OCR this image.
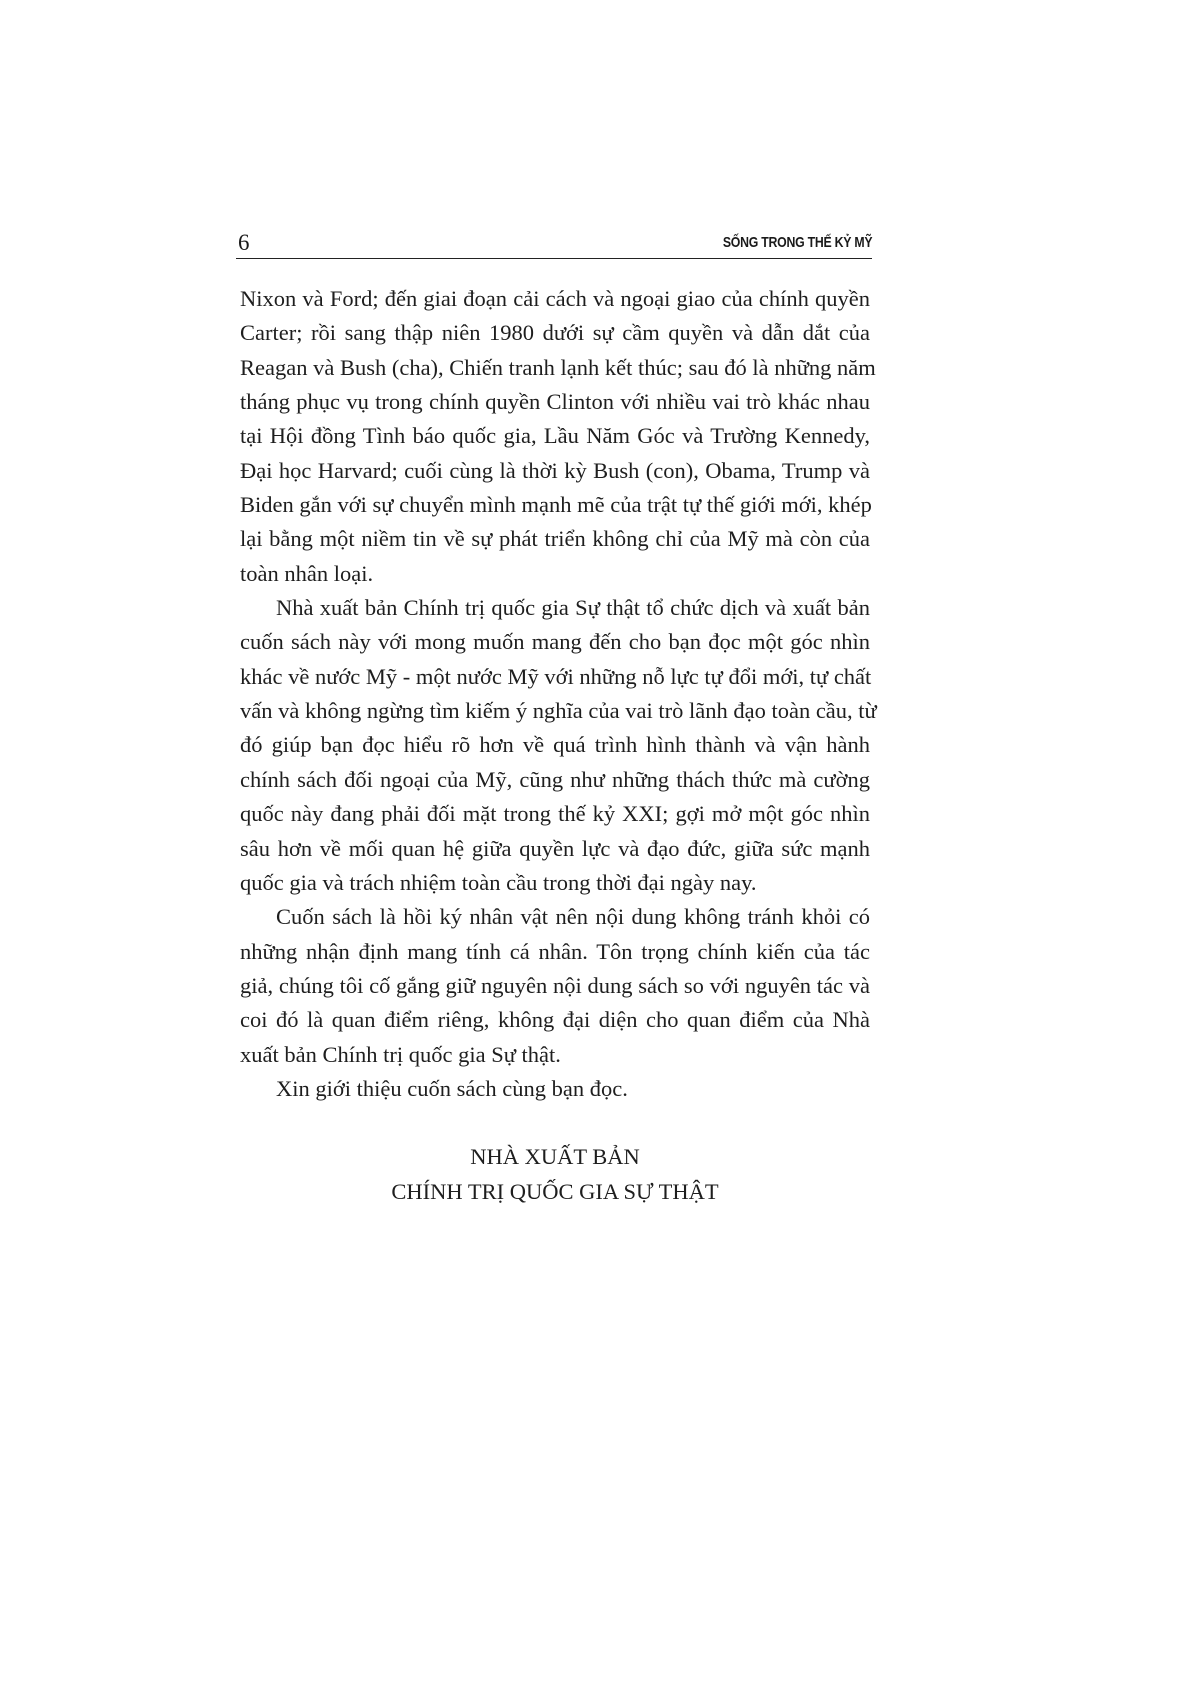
6	SỐNG TRONG THẾ KỶ MỸ
Nixon và Ford; đến giai đoạn cải cách và ngoại giao của chính quyền
Carter; rồi sang thập niên 1980 dưới sự cầm quyền và dẫn dắt của
Reagan và Bush (cha), Chiến tranh lạnh kết thúc; sau đó là những năm
tháng phục vụ trong chính quyền Clinton với nhiều vai trò khác nhau
tại Hội đồng Tình báo quốc gia, Lầu Năm Góc và Trường Kennedy,
Đại học Harvard; cuối cùng là thời kỳ Bush (con), Obama, Trump và
Biden gắn với sự chuyển mình mạnh mẽ của trật tự thế giới mới, khép
lại bằng một niềm tin về sự phát triển không chỉ của Mỹ mà còn của
toàn nhân loại.
Nhà xuất bản Chính trị quốc gia Sự thật tổ chức dịch và xuất bản
cuốn sách này với mong muốn mang đến cho bạn đọc một góc nhìn
khác về nước Mỹ - một nước Mỹ với những nỗ lực tự đổi mới, tự chất
vấn và không ngừng tìm kiếm ý nghĩa của vai trò lãnh đạo toàn cầu, từ
đó giúp bạn đọc hiểu rõ hơn về quá trình hình thành và vận hành
chính sách đối ngoại của Mỹ, cũng như những thách thức mà cường
quốc này đang phải đối mặt trong thế kỷ XXI; gợi mở một góc nhìn
sâu hơn về mối quan hệ giữa quyền lực và đạo đức, giữa sức mạnh
quốc gia và trách nhiệm toàn cầu trong thời đại ngày nay.
Cuốn sách là hồi ký nhân vật nên nội dung không tránh khỏi có
những nhận định mang tính cá nhân. Tôn trọng chính kiến của tác
giả, chúng tôi cố gắng giữ nguyên nội dung sách so với nguyên tác và
coi đó là quan điểm riêng, không đại diện cho quan điểm của Nhà
xuất bản Chính trị quốc gia Sự thật.
Xin giới thiệu cuốn sách cùng bạn đọc.
NHÀ XUẤT BẢN
CHÍNH TRỊ QUỐC GIA SỰ THẬT
